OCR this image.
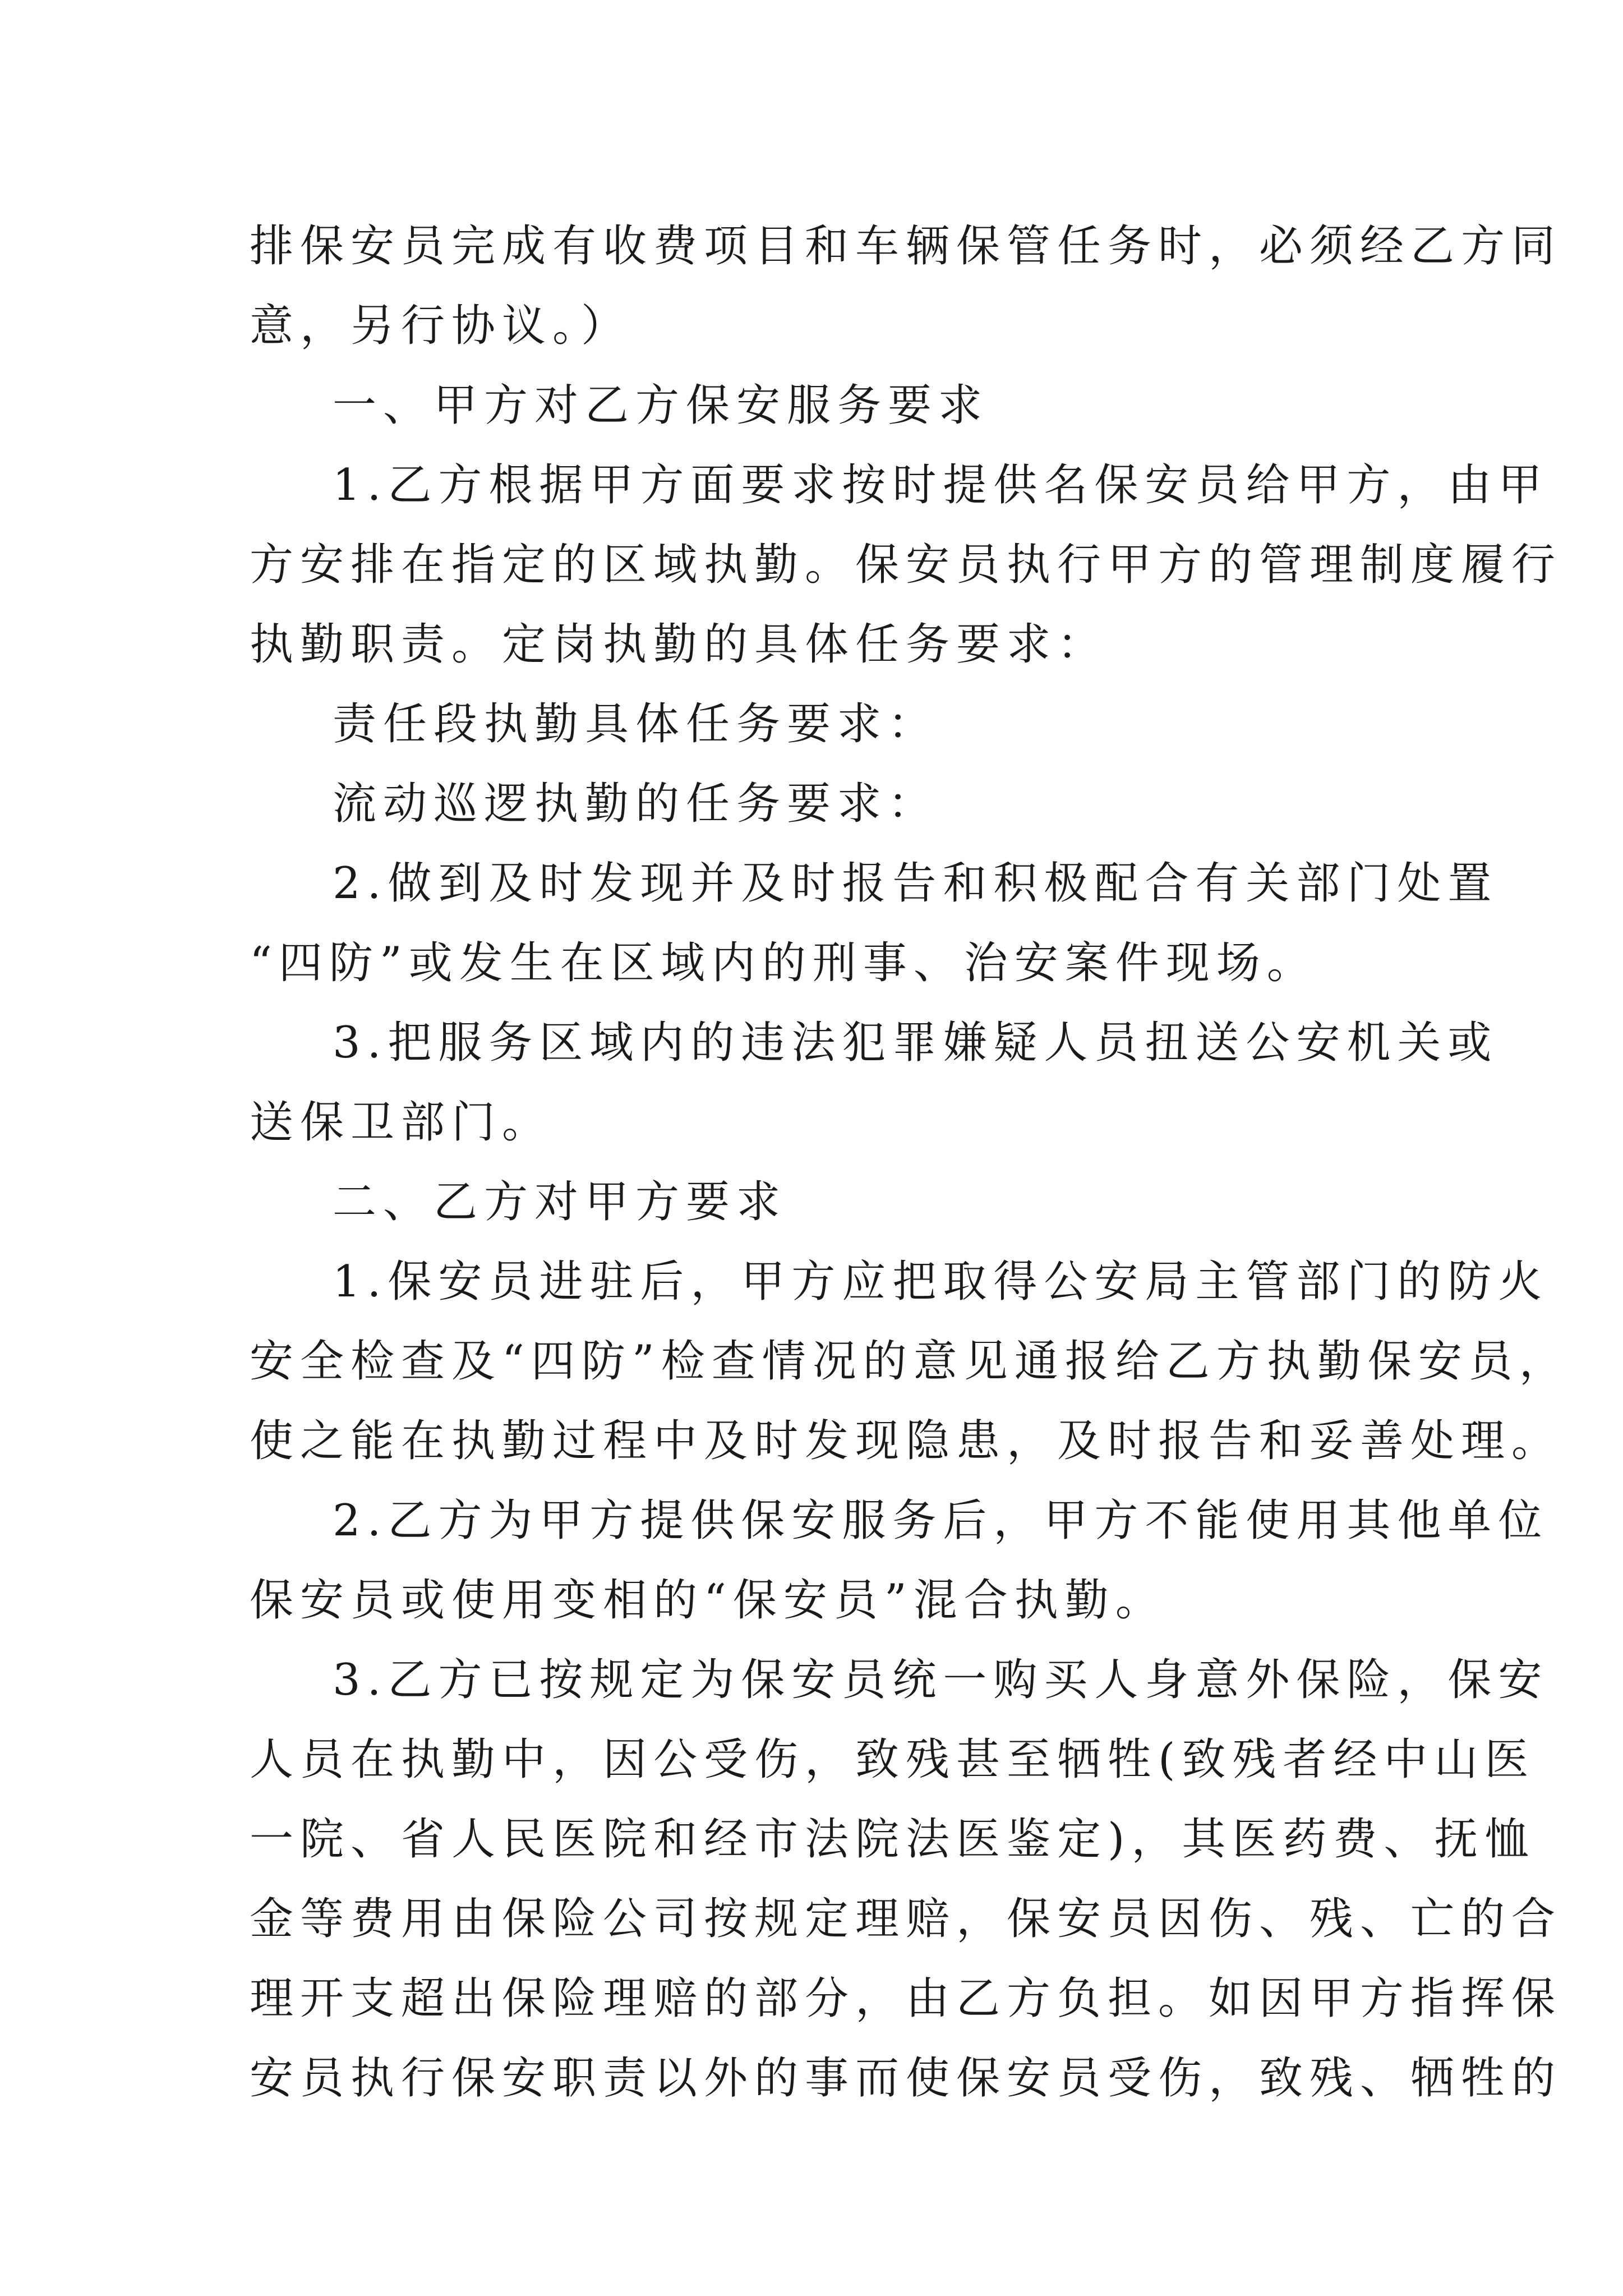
排保安员完成有收费项目和车辆保管任务时，必须经乙方同
意，另行协议。）
一、甲方对乙方保安服务要求
1.乙方根据甲方面要求按时提供名保安员给甲方，由甲
方安排在指定的区域执勤。保安员执行甲方的管理制度履行
执勤职责。定岗执勤的具体任务要求：
责任段执勤具体任务要求：
流动巡逻执勤的任务要求：
2.做到及时发现并及时报告和积极配合有关部门处置
“四防”或发生在区域内的刑事、治安案件现场。
3.把服务区域内的违法犯罪嫌疑人员扭送公安机关或
送保卫部门。
二、乙方对甲方要求
1.保安员进驻后，甲方应把取得公安局主管部门的防火
安全检查及“四防”检查情况的意见通报给乙方执勤保安员，
使之能在执勤过程中及时发现隐患，及时报告和妥善处理。
2.乙方为甲方提供保安服务后，甲方不能使用其他单位
保安员或使用变相的“保安员”混合执勤。
3.乙方已按规定为保安员统一购买人身意外保险，保安
人员在执勤中，因公受伤，致残甚至牺牲(致残者经中山医
一院、省人民医院和经市法院法医鉴定)，其医药费、抚恤
金等费用由保险公司按规定理赔，保安员因伤、残、亡的合
理开支超出保险理赔的部分，由乙方负担。如因甲方指挥保
安员执行保安职责以外的事而使保安员受伤，致残、牺牲的
